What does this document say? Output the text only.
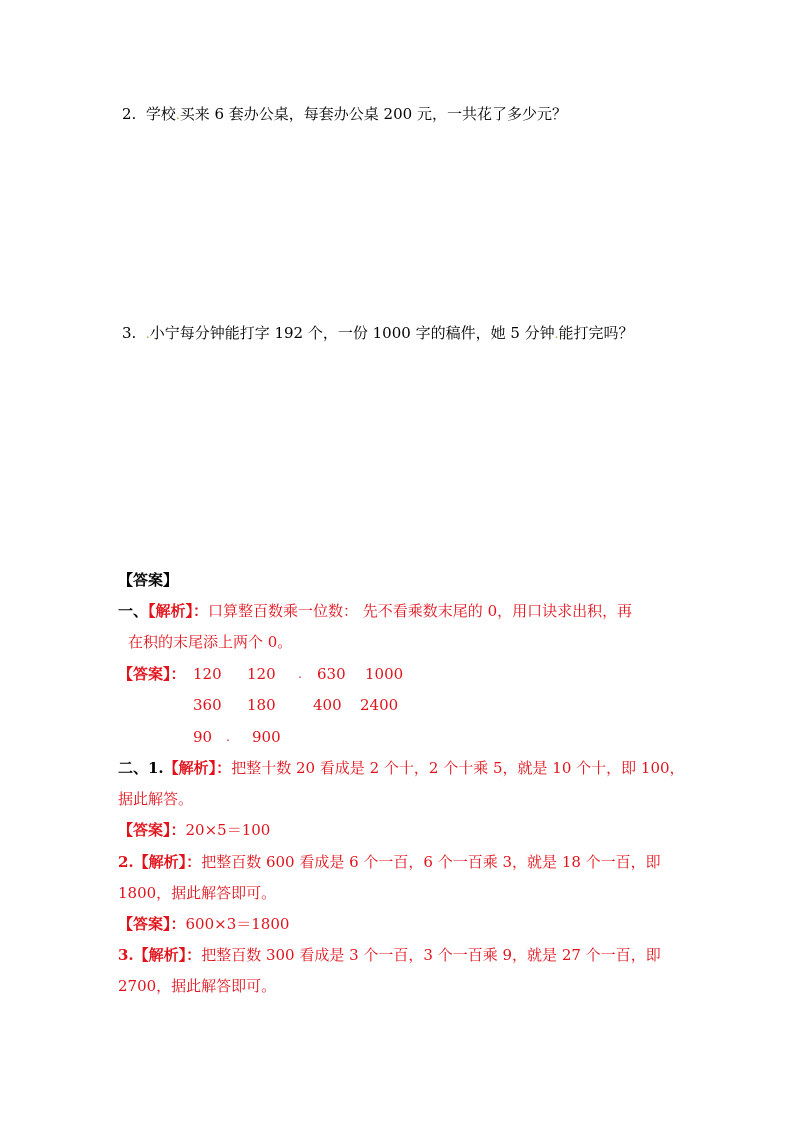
2. 学校.买来 6 套办公桌，每套办公桌 200 元，一共花了多少元？
3. .小宁每分钟能打字 192 个，一份 1000 字的稿件，她 5 分钟.能打完吗？
【答案】
一、【解析】：口算整百数乘一位数： 先不看乘数末尾的 0，用口诀求出积，再
在积的末尾添上两个 0。
【答案】： 120 120 . 630 1000
360 180 400 2400
90 . 900
二、1.【解析】：把整十数 20 看成是 2 个十，2 个十乘 5，就是 10 个十，即 100，
据此解答。
【答案】：20×5＝100
2.【解析】：把整百数 600 看成是 6 个一百，6 个一百乘 3，就是 18 个一百，即
1800，据此解答即可。
【答案】：600×3＝1800
3.【解析】：把整百数 300 看成是 3 个一百，3 个一百乘 9，就是 27 个一百，即
2700，据此解答即可。
